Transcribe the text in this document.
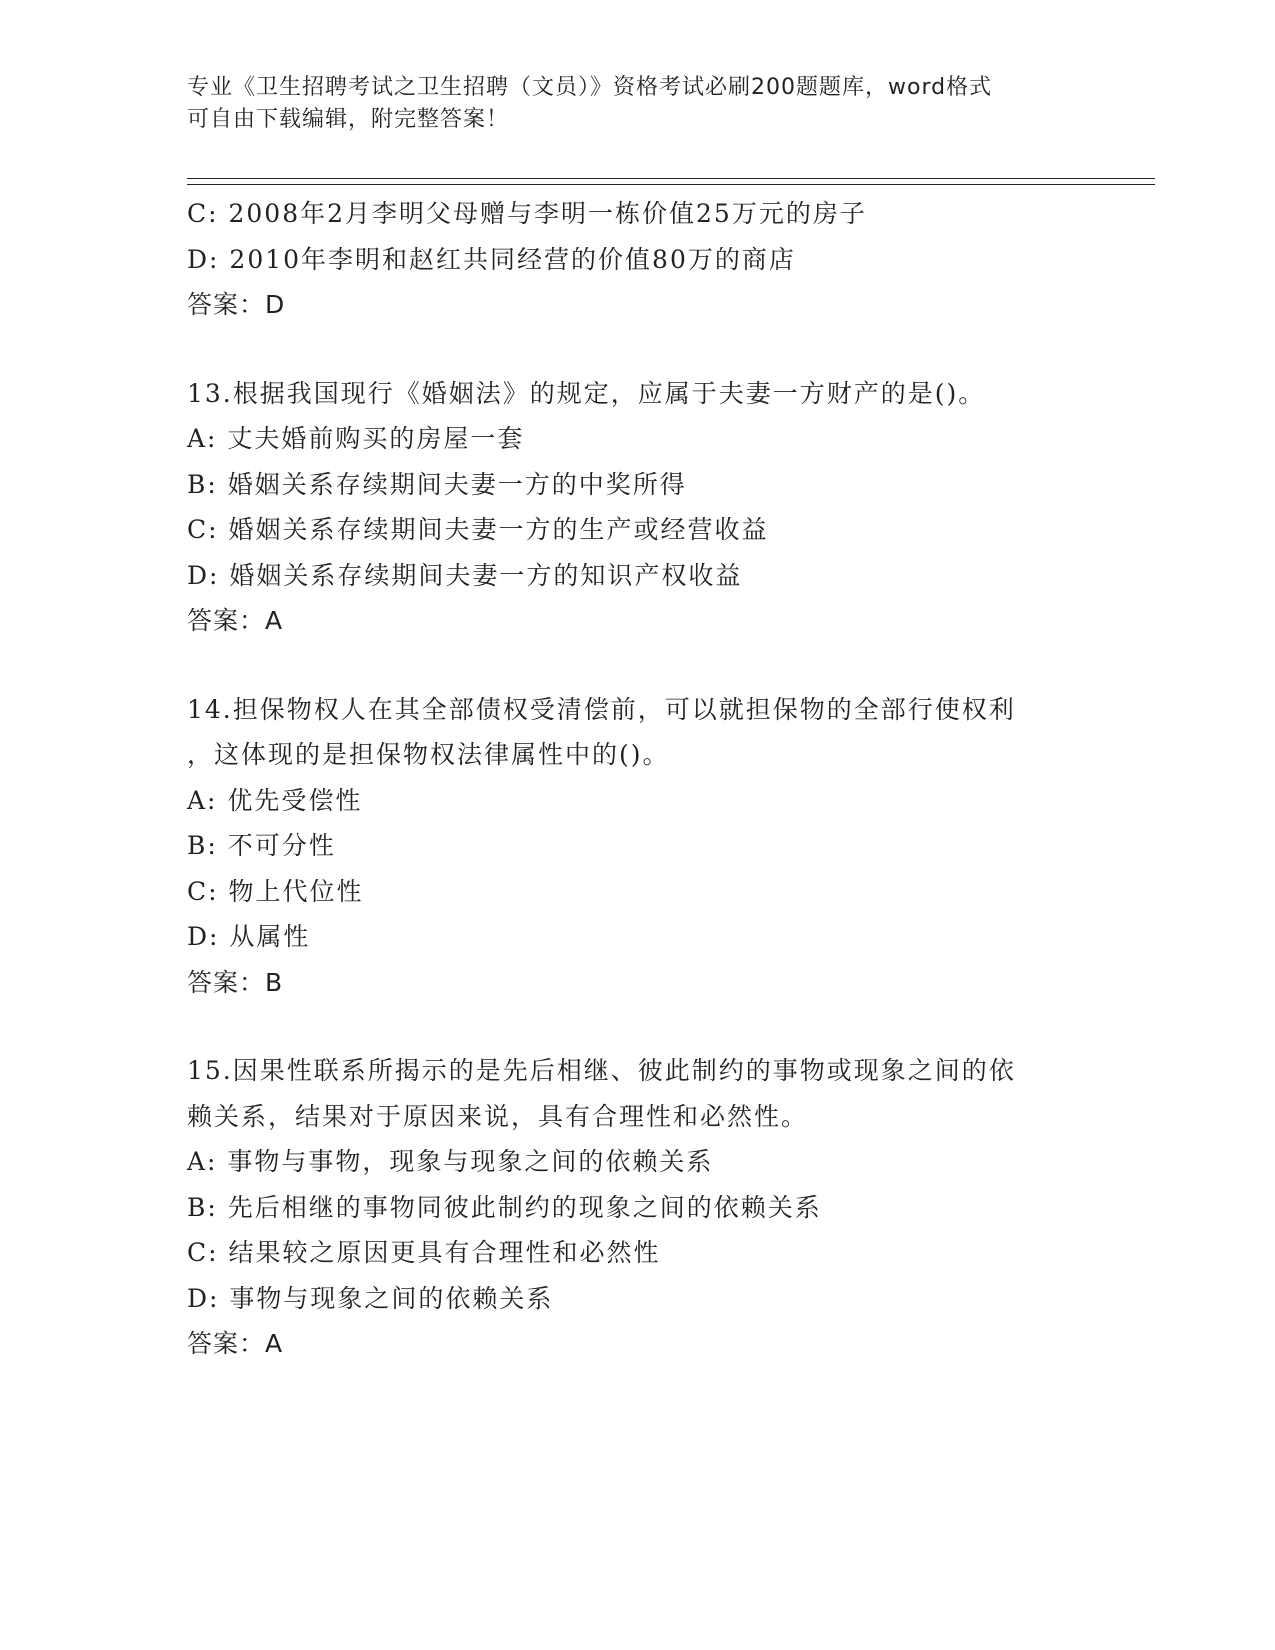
专业《卫生招聘考试之卫生招聘（文员）》资格考试必刷200题题库，word格式
可自由下载编辑，附完整答案！
C: 2008年2月李明父母赠与李明一栋价值25万元的房子
D: 2010年李明和赵红共同经营的价值80万的商店
答案：D
13.根据我国现行《婚姻法》的规定，应属于夫妻一方财产的是()。
A: 丈夫婚前购买的房屋一套
B: 婚姻关系存续期间夫妻一方的中奖所得
C: 婚姻关系存续期间夫妻一方的生产或经营收益
D: 婚姻关系存续期间夫妻一方的知识产权收益
答案：A
14.担保物权人在其全部债权受清偿前，可以就担保物的全部行使权利
，这体现的是担保物权法律属性中的()。
A: 优先受偿性
B: 不可分性
C: 物上代位性
D: 从属性
答案：B
15.因果性联系所揭示的是先后相继、彼此制约的事物或现象之间的依
赖关系，结果对于原因来说，具有合理性和必然性。
A: 事物与事物，现象与现象之间的依赖关系
B: 先后相继的事物同彼此制约的现象之间的依赖关系
C: 结果较之原因更具有合理性和必然性
D: 事物与现象之间的依赖关系
答案：A
